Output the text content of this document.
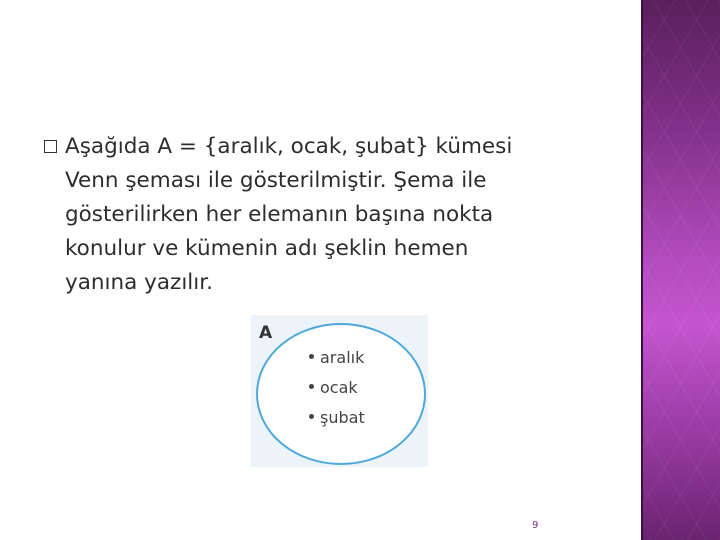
Aşağıda A = {aralık, ocak, şubat} kümesi
Venn şeması ile gösterilmiştir. Şema ile
gösterilirken her elemanın başına nokta
konulur ve kümenin adı şeklin hemen
yanına yazılır.
A
aralık
ocak
şubat
9
